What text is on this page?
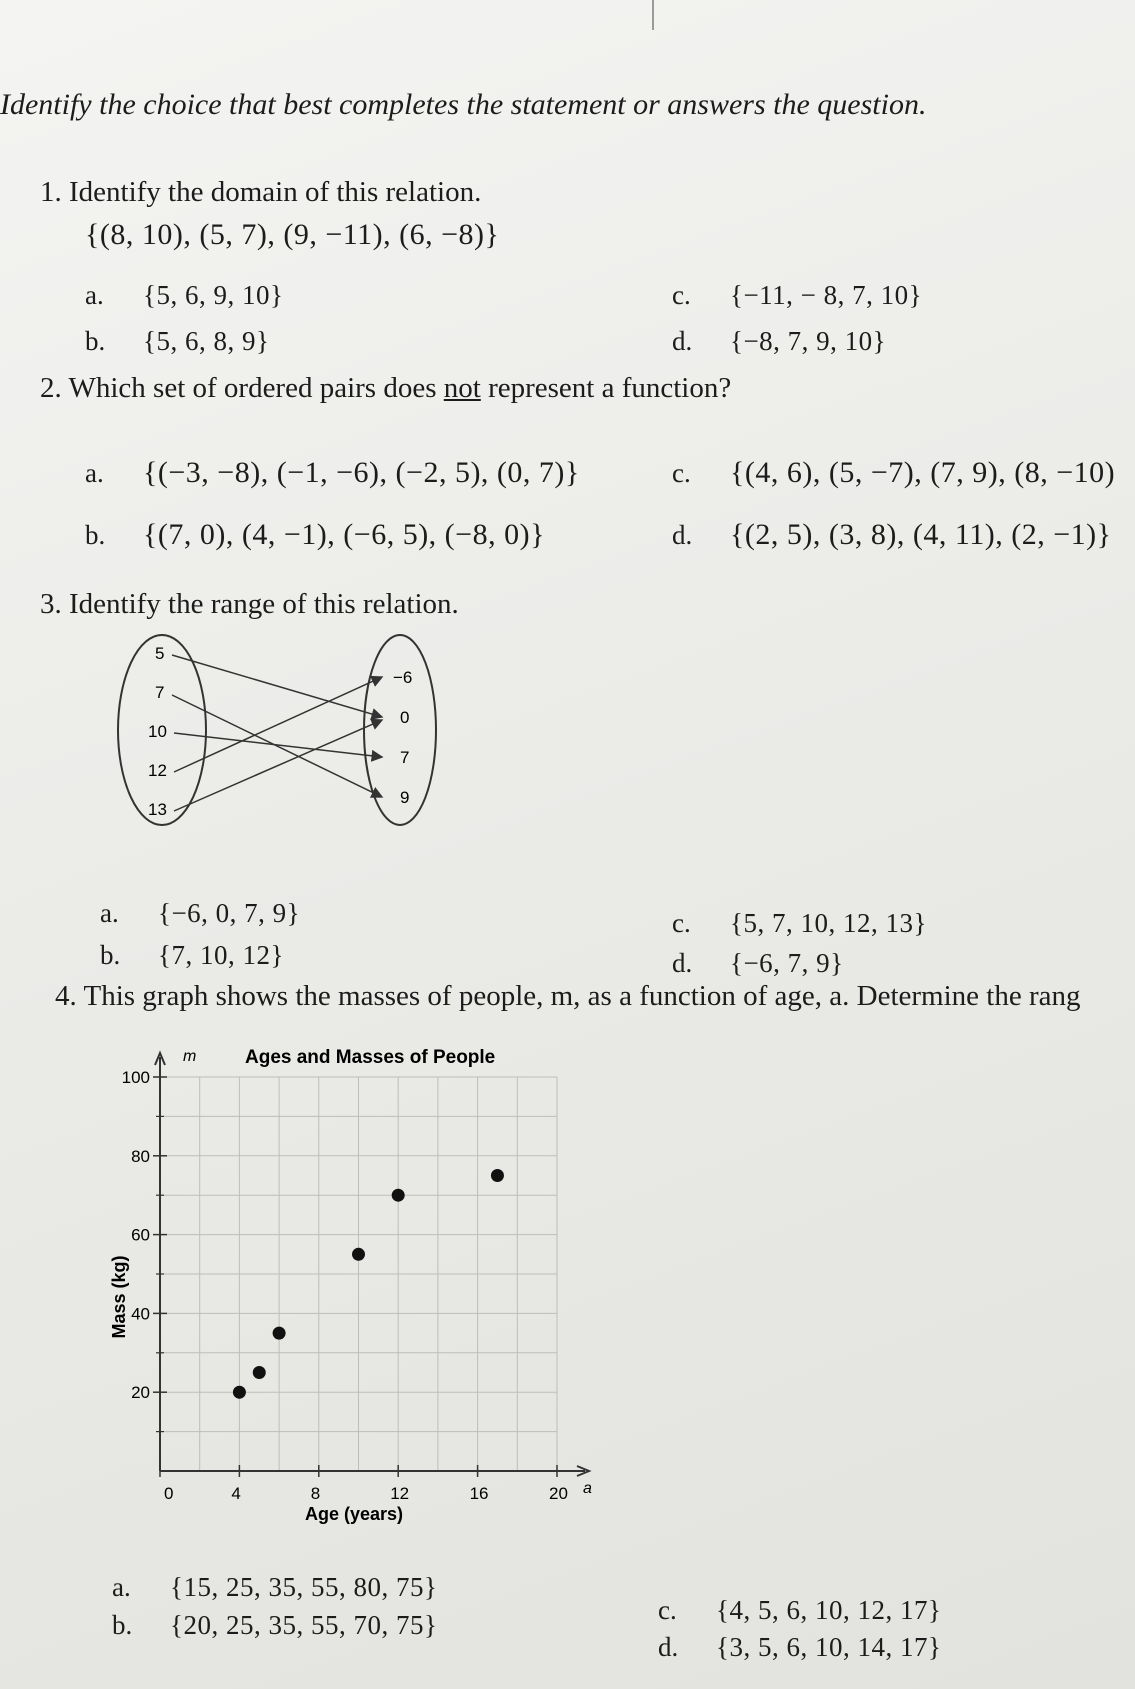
Identify the choice that best completes the statement or answers the question.
1. Identify the domain of this relation.
{(8, 10), (5, 7), (9, −11), (6, −8)}
a. {5, 6, 9, 10}
b. {5, 6, 8, 9}
c. {−11, − 8, 7, 10}
d. {−8, 7, 9, 10}
2. Which set of ordered pairs does not represent a function?
a. {(−3, −8), (−1, −6), (−2, 5), (0, 7)}
b. {(7, 0), (4, −1), (−6, 5), (−8, 0)}
c. {(4, 6), (5, −7), (7, 9), (8, −10)
d. {(2, 5), (3, 8), (4, 11), (2, −1)}
3. Identify the range of this relation.
5
7
10
12
13
−6
0
7
9
a. {−6, 0, 7, 9}
b. {7, 10, 12}
c. {5, 7, 10, 12, 13}
d. {−6, 7, 9}
4. This graph shows the masses of people, m, as a function of age, a. Determine the rang
0	4	8	12	16	20
20
40
60
80
100
Ages and Masses of People
m
a
Age (years)
Mass (kg)
a. {15, 25, 35, 55, 80, 75}
b. {20, 25, 35, 55, 70, 75}	c. {4, 5, 6, 10, 12, 17}
d. {3, 5, 6, 10, 14, 17}
